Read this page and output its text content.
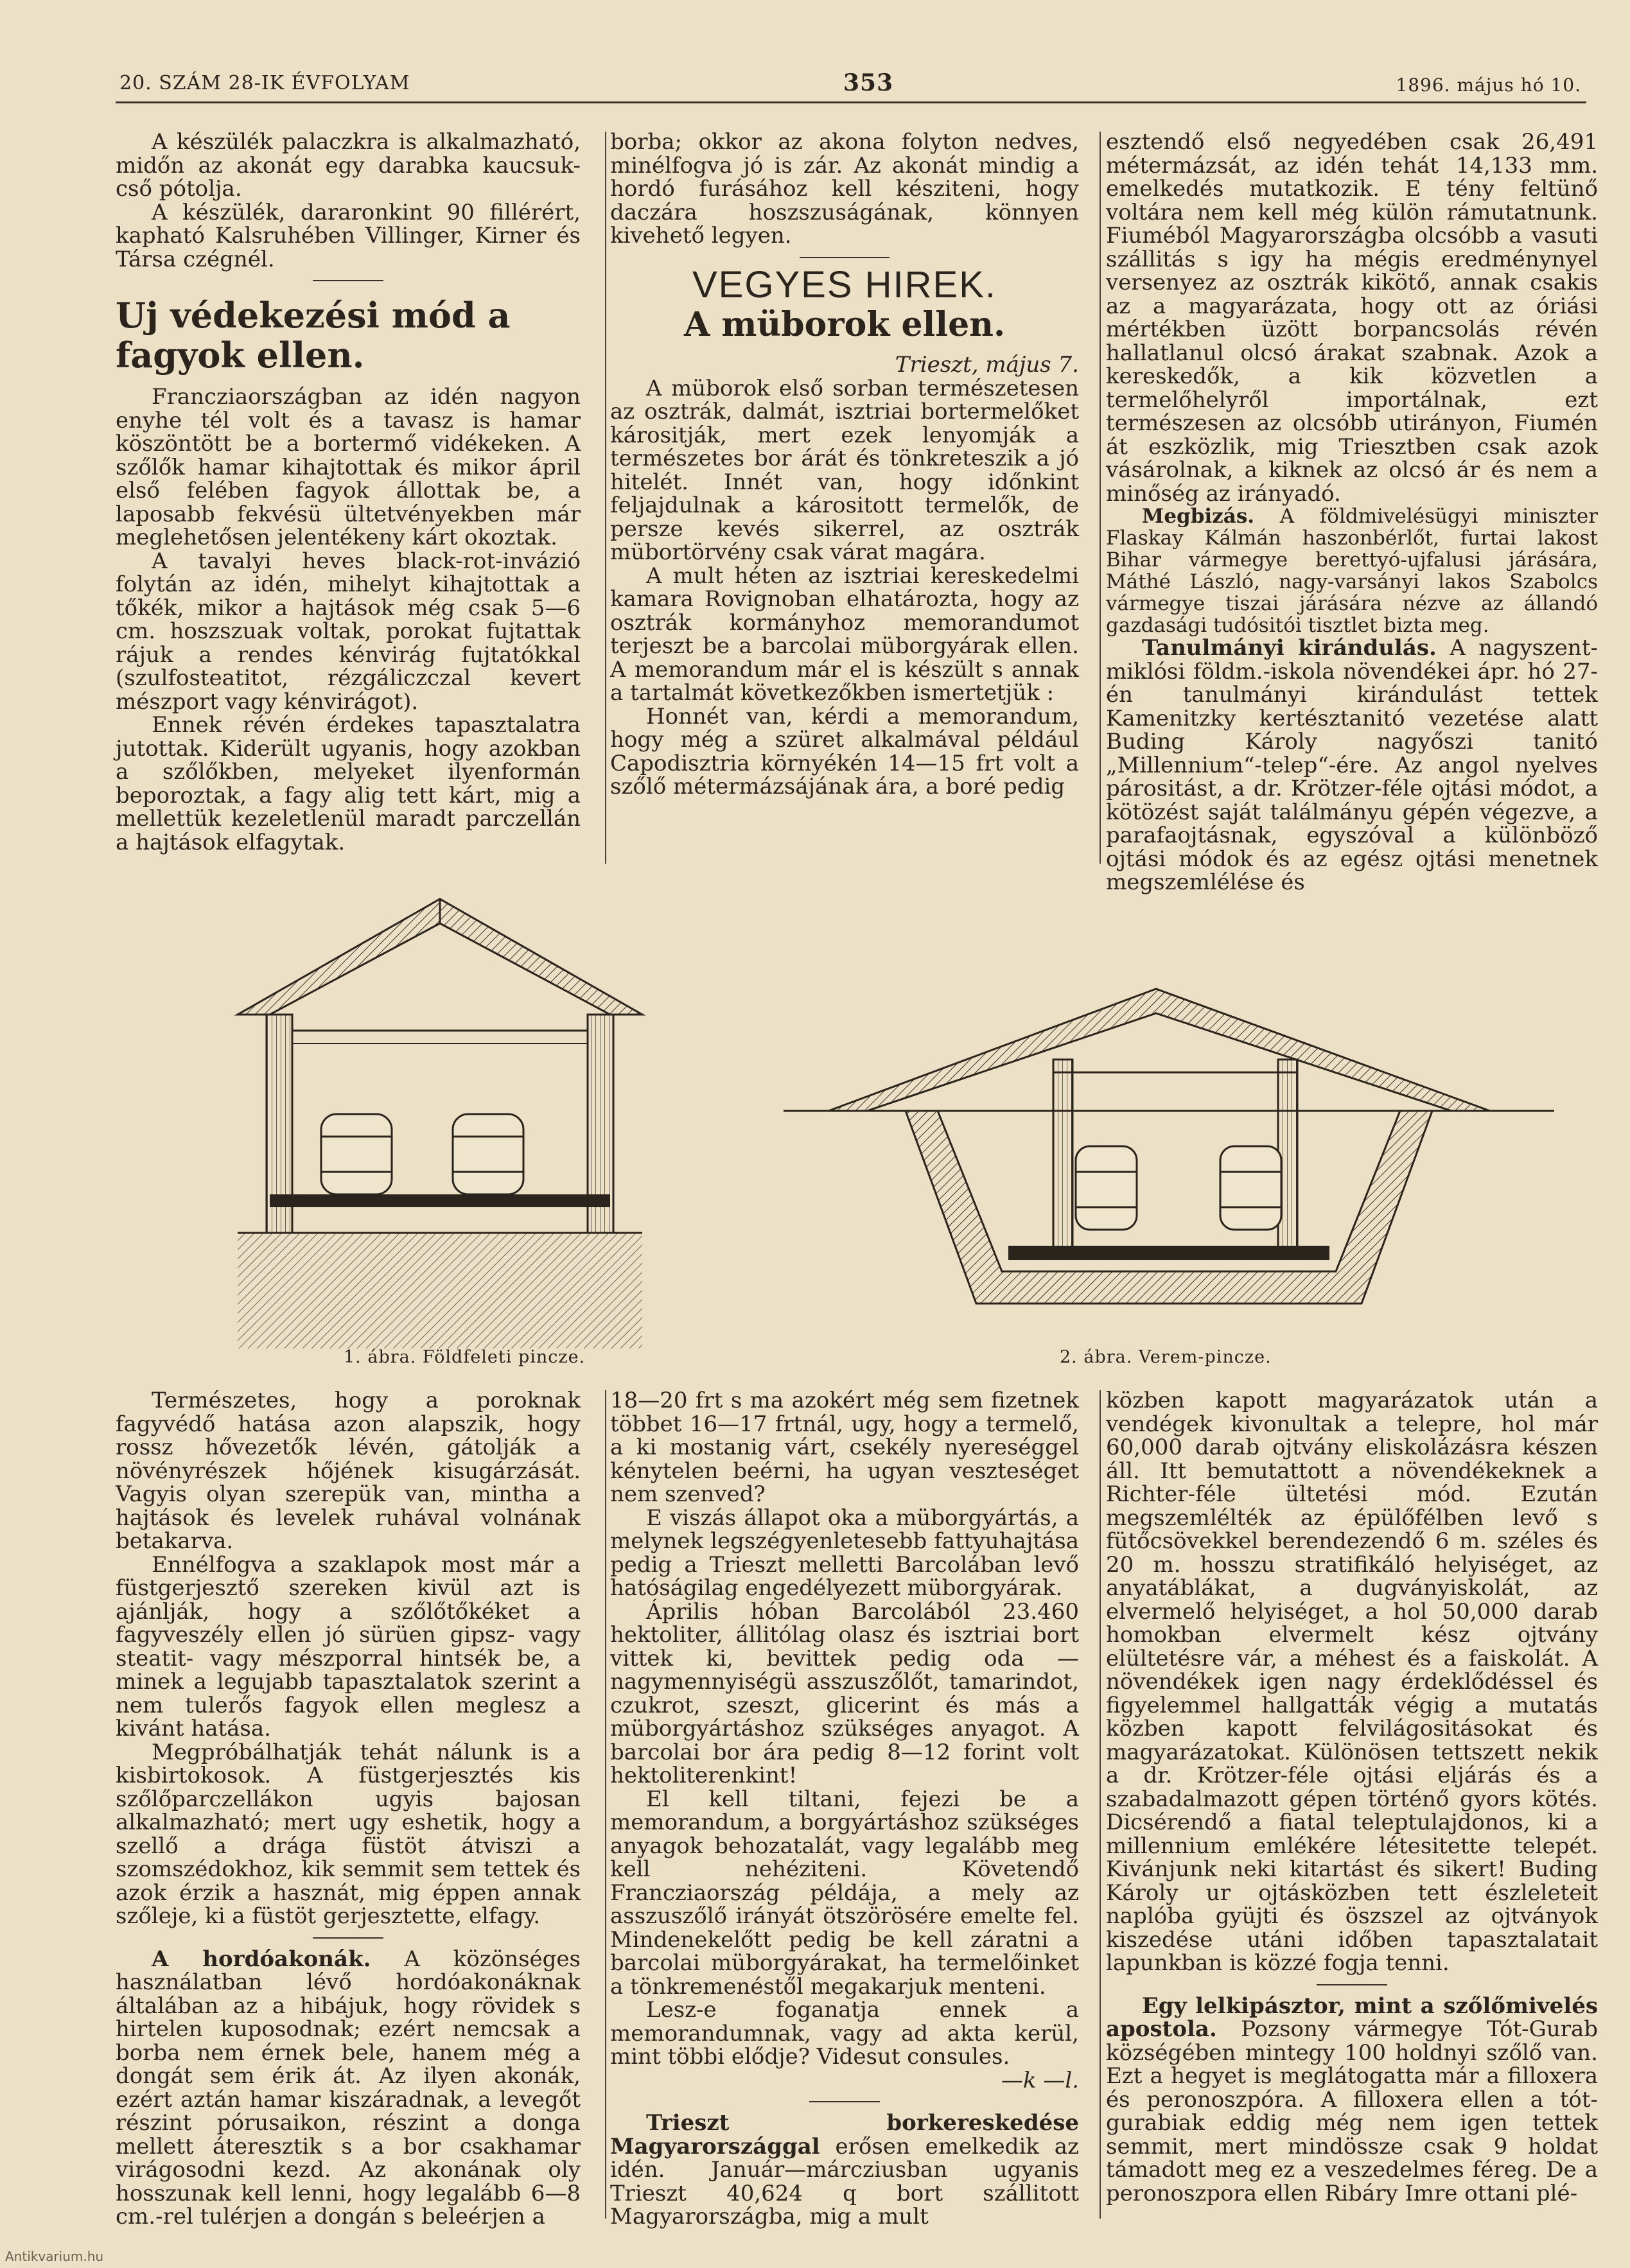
20. SZÁM 28-IK ÉVFOLYAM	353	1896. május hó 10.

A készülék palaczkra is alkalmazható, midőn az akonát egy darabka kaucsuk-cső pótolja.

A készülék, dararonkint 90 fillérért, kapható Kalsruhében Villinger, Kirner és Társa czégnél.

Uj védekezési mód a fagyok ellen.

Francziaországban az idén nagyon enyhe tél volt és a tavasz is hamar köszöntött be a bortermő vidékeken. A szőlők hamar kihajtottak és mikor ápril első felében fagyok állottak be, a laposabb fekvésü ültetvényekben már meglehetősen jelentékeny kárt okoztak.

A tavalyi heves black-rot-invázió folytán az idén, mihelyt kihajtottak a tőkék, mikor a hajtások még csak 5—6 cm. hoszszuak voltak, porokat fujtattak rájuk a rendes kénvirág fujtatókkal (szulfosteatitot, rézgáliczczal kevert mészport vagy kénvirágot).

Ennek révén érdekes tapasztalatra jutottak. Kiderült ugyanis, hogy azokban a szőlőkben, melyeket ilyenformán beporoztak, a fagy alig tett kárt, mig a mellettük kezeletlenül maradt parczellán a hajtások elfagytak.

borba; okkor az akona folyton nedves, minélfogva jó is zár. Az akonát mindig a hordó furásához kell késziteni, hogy daczára hoszszuságának, könnyen kivehető legyen.

VEGYES HIREK.
A müborok ellen.

Trieszt, május 7.

A müborok első sorban természetesen az osztrák, dalmát, isztriai bortermelőket kárositják, mert ezek lenyomják a természetes bor árát és tönkreteszik a jó hitelét. Innét van, hogy időnkint feljajdulnak a kárositott termelők, de persze kevés sikerrel, az osztrák mübortörvény csak várat magára.

A mult héten az isztriai kereskedelmi kamara Rovignoban elhatározta, hogy az osztrák kormányhoz memorandumot terjeszt be a barcolai müborgyárak ellen. A memorandum már el is készült s annak a tartalmát következőkben ismertetjük :

Honnét van, kérdi a memorandum, hogy még a szüret alkalmával például Capodisztria környékén 14—15 frt volt a szőlő métermázsájának ára, a boré pedig

esztendő első negyedében csak 26,491 métermázsát, az idén tehát 14,133 mm. emelkedés mutatkozik. E tény feltünő voltára nem kell még külön rámutatnunk. Fiuméból Magyarországba olcsóbb a vasuti szállitás s igy ha mégis eredménynyel versenyez az osztrák kikötő, annak csakis az a magyarázata, hogy ott az óriási mértékben üzött borpancsolás révén hallatlanul olcsó árakat szabnak. Azok a kereskedők, a kik közvetlen a termelőhelyről importálnak, ezt természesen az olcsóbb utirányon, Fiumén át eszközlik, mig Triesztben csak azok vásárolnak, a kiknek az olcsó ár és nem a minőség az irányadó.

Megbizás. A földmivelésügyi miniszter Flaskay Kálmán haszonbérlőt, furtai lakost Bihar vármegye berettyó-ujfalusi járására, Máthé László, nagy-varsányi lakos Szabolcs vármegye tiszai járására nézve az állandó gazdasági tudósitói tisztlet bizta meg.

Tanulmányi kirándulás. A nagyszent-miklósi földm.-iskola növendékei ápr. hó 27-én tanulmányi kirándulást tettek Kamenitzky kertésztanitó vezetése alatt Buding Károly nagyőszi tanitó „Millennium“-telep“-ére. Az angol nyelves párositást, a dr. Krötzer-féle ojtási módot, a kötözést saját találmányu gépén végezve, a parafaojtásnak, egyszóval a különböző ojtási módok és az egész ojtási menetnek megszemlélése és

1. ábra. Földfeleti pincze.	2. ábra. Verem-pincze.

Természetes, hogy a poroknak fagyvédő hatása azon alapszik, hogy rossz hővezetők lévén, gátolják a növényrészek hőjének kisugárzását. Vagyis olyan szerepük van, mintha a hajtások és levelek ruhával volnának betakarva.

Ennélfogva a szaklapok most már a füstgerjesztő szereken kivül azt is ajánlják, hogy a szőlőtőkéket a fagyveszély ellen jó sürüen gipsz- vagy steatit- vagy mészporral hintsék be, a minek a legujabb tapasztalatok szerint a nem tulerős fagyok ellen meglesz a kivánt hatása.

Megpróbálhatják tehát nálunk is a kisbirtokosok. A füstgerjesztés kis szőlőparczellákon ugyis bajosan alkalmazható; mert ugy eshetik, hogy a szellő a drága füstöt átviszi a szomszédokhoz, kik semmit sem tettek és azok érzik a hasznát, mig éppen annak szőleje, ki a füstöt gerjesztette, elfagy.

A hordóakonák. A közönséges használatban lévő hordóakonáknak általában az a hibájuk, hogy rövidek s hirtelen kuposodnak; ezért nemcsak a borba nem érnek bele, hanem még a dongát sem érik át. Az ilyen akonák, ezért aztán hamar kiszáradnak, a levegőt részint pórusaikon, részint a donga mellett áteresztik s a bor csakhamar virágosodni kezd. Az akonának oly hosszunak kell lenni, hogy legalább 6—8 cm.-rel tulérjen a dongán s beleérjen a

18—20 frt s ma azokért még sem fizetnek többet 16—17 frtnál, ugy, hogy a termelő, a ki mostanig várt, csekély nyereséggel kénytelen beérni, ha ugyan veszteséget nem szenved?

E viszás állapot oka a müborgyártás, a melynek legszégyenletesebb fattyuhajtása pedig a Trieszt melletti Barcolában levő hatóságilag engedélyezett müborgyárak.

Április hóban Barcolából 23.460 hektoliter, állitólag olasz és isztriai bort vittek ki, bevittek pedig oda — nagymennyiségü asszuszőlőt, tamarindot, czukrot, szeszt, glicerint és más a müborgyártáshoz szükséges anyagot. A barcolai bor ára pedig 8—12 forint volt hektoliterenkint!

El kell tiltani, fejezi be a memorandum, a borgyártáshoz szükséges anyagok behozatalát, vagy legalább meg kell nehéziteni. Követendő Francziaország példája, a mely az asszuszőlő irányát ötszörösére emelte fel. Mindenekelőtt pedig be kell záratni a barcolai müborgyárakat, ha termelőinket a tönkremenéstől megakarjuk menteni.

Lesz-e foganatja ennek a memorandumnak, vagy ad akta kerül, mint többi elődje? Videsut consules.

—k —l.

Trieszt borkereskedése Magyarországgal erősen emelkedik az idén. Január—márcziusban ugyanis Trieszt 40,624 q bort szállitott Magyarországba, mig a mult

közben kapott magyarázatok után a vendégek kivonultak a telepre, hol már 60,000 darab ojtvány eliskolázásra készen áll. Itt bemutattott a növendékeknek a Richter-féle ültetési mód. Ezután megszemlélték az épülőfélben levő s fütőcsövekkel berendezendő 6 m. széles és 20 m. hosszu stratifikáló helyiséget, az anyatáblákat, a dugványiskolát, az elvermelő helyiséget, a hol 50,000 darab homokban elvermelt kész ojtvány elültetésre vár, a méhest és a faiskolát. A növendékek igen nagy érdeklődéssel és figyelemmel hallgatták végig a mutatás közben kapott felvilágositásokat és magyarázatokat. Különösen tettszett nekik a dr. Krötzer-féle ojtási eljárás és a szabadalmazott gépen történő gyors kötés. Dicsérendő a fiatal teleptulajdonos, ki a millennium emlékére létesitette telepét. Kivánjunk neki kitartást és sikert! Buding Károly ur ojtásközben tett észleleteit naplóba gyüjti és öszszel az ojtványok kiszedése utáni időben tapasztalatait lapunkban is közzé fogja tenni.

Egy lelkipásztor, mint a szőlőmivelés apostola. Pozsony vármegye Tót-Gurab községében mintegy 100 holdnyi szőlő van. Ezt a hegyet is meglátogatta már a filloxera és peronoszpóra. A filloxera ellen a tót-gurabiak eddig még nem igen tettek semmit, mert mindössze csak 9 holdat támadott meg ez a veszedelmes féreg. De a peronoszpora ellen Ribáry Imre ottani plé-

Antikvarium.hu
